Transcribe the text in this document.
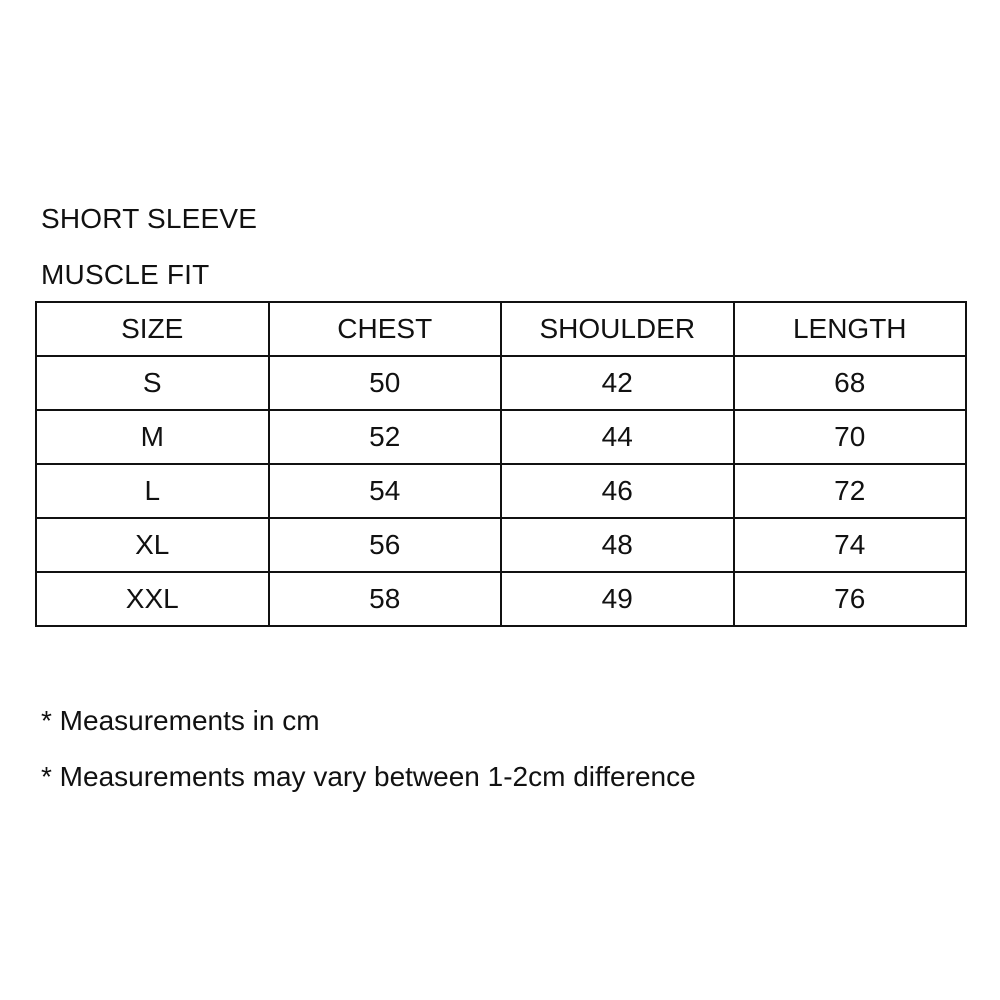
SHORT SLEEVE
MUSCLE FIT
SIZE	CHEST	SHOULDER	LENGTH
S	50	42	68
M	52	44	70
L	54	46	72
XL	56	48	74
XXL	58	49	76
* Measurements in cm
* Measurements may vary between 1-2cm difference
